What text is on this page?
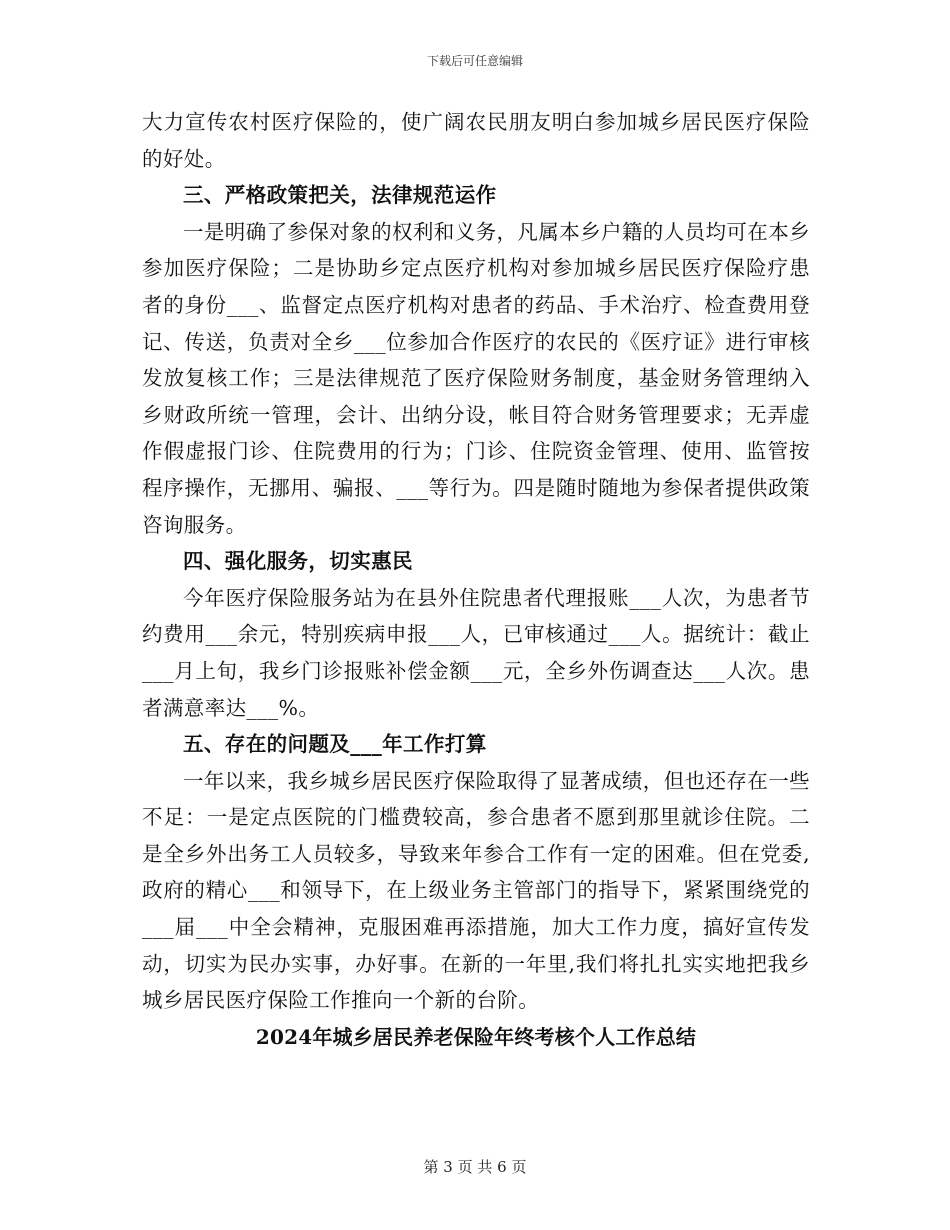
下载后可任意编辑

大力宣传农村医疗保险的，使广阔农民朋友明白参加城乡居民医疗保险的好处。

三、严格政策把关，法律规范运作

一是明确了参保对象的权利和义务，凡属本乡户籍的人员均可在本乡参加医疗保险；二是协助乡定点医疗机构对参加城乡居民医疗保险疗患者的身份___、监督定点医疗机构对患者的药品、手术治疗、检查费用登记、传送，负责对全乡___位参加合作医疗的农民的《医疗证》进行审核发放复核工作；三是法律规范了医疗保险财务制度，基金财务管理纳入乡财政所统一管理，会计、出纳分设，帐目符合财务管理要求；无弄虚作假虚报门诊、住院费用的行为；门诊、住院资金管理、使用、监管按程序操作，无挪用、骗报、___等行为。四是随时随地为参保者提供政策咨询服务。

四、强化服务，切实惠民

今年医疗保险服务站为在县外住院患者代理报账___人次，为患者节约费用___余元，特别疾病申报___人，已审核通过___人。据统计：截止___月上旬，我乡门诊报账补偿金额___元，全乡外伤调查达___人次。患者满意率达___%。

五、存在的问题及___年工作打算

一年以来，我乡城乡居民医疗保险取得了显著成绩，但也还存在一些不足：一是定点医院的门槛费较高，参合患者不愿到那里就诊住院。二是全乡外出务工人员较多，导致来年参合工作有一定的困难。但在党委,政府的精心___和领导下，在上级业务主管部门的指导下，紧紧围绕党的___届___中全会精神，克服困难再添措施，加大工作力度，搞好宣传发动，切实为民办实事，办好事。在新的一年里,我们将扎扎实实地把我乡城乡居民医疗保险工作推向一个新的台阶。

2024年城乡居民养老保险年终考核个人工作总结

第 3 页 共 6 页
